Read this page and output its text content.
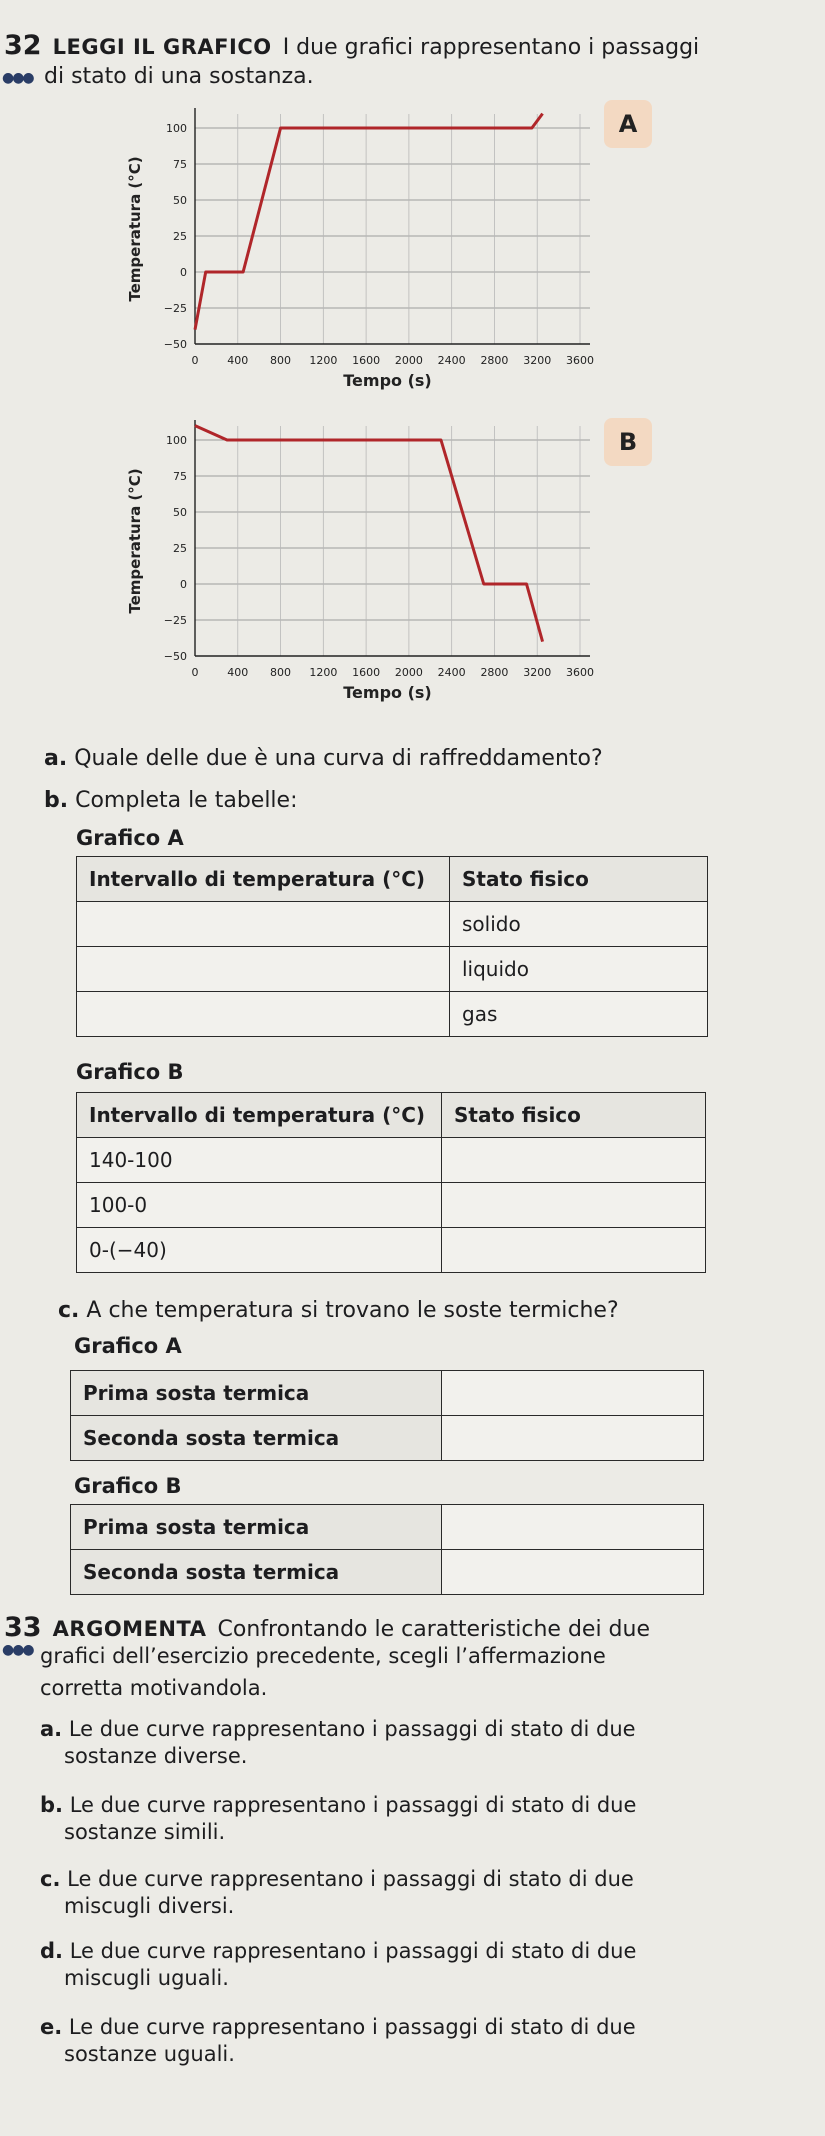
32 LEGGI IL GRAFICO I due grafici rappresentano i passaggi
●●● di stato di una sostanza.
100
75
50
25
0
−25
−50
0	400 800 1200 1600 2000 2400 2800 3200 3600
Temperatura (°C)
Tempo (s)
A
100
75
50
25
0
−25
−50
0	400 800 1200 1600 2000 2400 2800 3200 3600
Temperatura (°C)
Tempo (s)
B
a. Quale delle due è una curva di raffreddamento?
b. Completa le tabelle:
Grafico A
Intervallo di temperatura (°C)	Stato fisico
	solido
	liquido
	gas
Grafico B
Intervallo di temperatura (°C)	Stato fisico
140-100	
100-0	
0-(−40)	
c. A che temperatura si trovano le soste termiche?
Grafico A
Prima sosta termica	
Seconda sosta termica	
Grafico B
Prima sosta termica	
Seconda sosta termica	
33 ARGOMENTA Confrontando le caratteristiche dei due
●●● grafici dell’esercizio precedente, scegli l’affermazione
corretta motivandola.
a. Le due curve rappresentano i passaggi di stato di due
sostanze diverse.
b. Le due curve rappresentano i passaggi di stato di due
sostanze simili.
c. Le due curve rappresentano i passaggi di stato di due
miscugli diversi.
d. Le due curve rappresentano i passaggi di stato di due
miscugli uguali.
e. Le due curve rappresentano i passaggi di stato di due
sostanze uguali.
